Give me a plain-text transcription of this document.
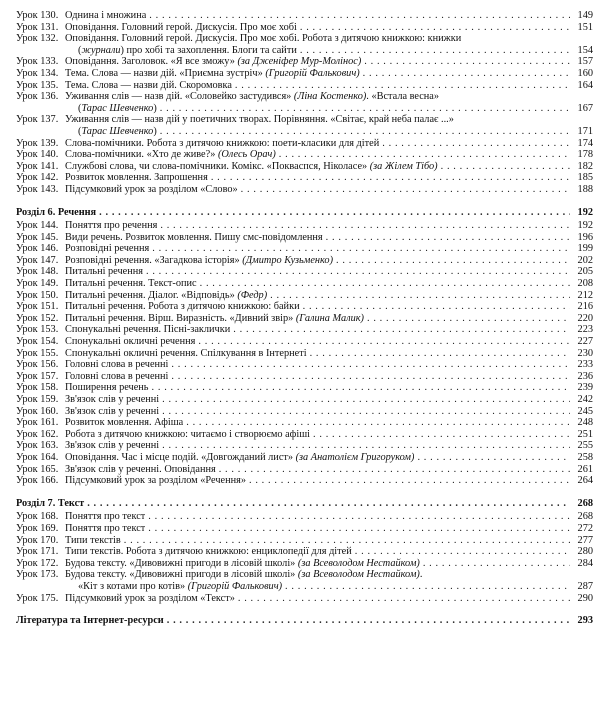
Урок 130. Однина і множина . . .	149
Урок 131. Оповідання. Головний герой. Дискусія. Про моє хобі . . .	151
Урок 132. Оповідання. Головний герой. Дискусія. Про моє хобі. Робота з дитячою книжкою: книжки
(журнали) про хобі та захоплення. Блоги та сайти . . .	154
Урок 133. Оповідання. Заголовок. «Я все зможу» (за Дженіфер Мур-Молінос) . . .	157
Урок 134. Тема. Слова — назви дій. «Приємна зустріч» (Григорій Фалькович) . . .	160
Урок 135. Тема. Слова — назви дій. Скоромовка . . .	164
Урок 136. Уживання слів — назв дій. «Соловейко застудився» (Ліна Костенко). «Встала весна»
(Тарас Шевченко) . . .	167
Урок 137. Уживання слів — назв дій у поетичних творах. Порівняння. «Світає, край неба палає ...»
(Тарас Шевченко) . . .	171
Урок 139. Слова-помічники. Робота з дитячою книжкою: поети-класики для дітей . . .	174
Урок 140. Слова-помічники. «Хто де живе?» (Олесь Орач) . . .	178
Урок 141. Службові слова, чи слова-помічники. Комікс. «Покваспся, Ніколасе» (за Жілем Тібо) . . .	182
Урок 142. Розвиток мовлення. Запрошення . . .	185
Урок 143. Підсумковий урок за розділом «Слово» . . .	188
Розділ 6. Речення . . .	192
Урок 144. Поняття про речення . . .	192
Урок 145. Види речень. Розвиток мовлення. Пишу смс-повідомлення . . .	196
Урок 146. Розповідні речення . . .	199
Урок 147. Розповідні речення. «Загадкова історія» (Дмитро Кузьменко) . . .	202
Урок 148. Питальні речення . . .	205
Урок 149. Питальні речення. Текст-опис . . .	208
Урок 150. Питальні речення. Діалог. «Відповідь» (Федр) . . .	212
Урок 151. Питальні речення. Робота з дитячою книжкою: байки . . .	216
Урок 152. Питальні речення. Вірш. Виразність. «Дивний звір» (Галина Малик) . . .	220
Урок 153. Спонукальні речення. Пісні-заклички . . .	223
Урок 154. Спонукальні окличні речення . . .	227
Урок 155. Спонукальні окличні речення. Спілкування в Інтернеті . . .	230
Урок 156. Головні слова в реченні . . .	233
Урок 157. Головні слова в реченні . . .	236
Урок 158. Поширення речень . . .	239
Урок 159. Зв'язок слів у реченні . . .	242
Урок 160. Зв'язок слів у реченні . . .	245
Урок 161. Розвиток мовлення. Афіша . . .	248
Урок 162. Робота з дитячою книжкою: читаємо і створюємо афіші . . .	251
Урок 163. Зв'язок слів у реченні . . .	255
Урок 164. Оповідання. Час і місце подій. «Довгожданий лист» (за Анатолієм Григоруком) . . .	258
Урок 165. Зв'язок слів у реченні. Оповідання . . .	261
Урок 166. Підсумковий урок за розділом «Речення» . . .	264
Розділ 7. Текст . . .	268
Урок 168. Поняття про текст . . .	268
Урок 169. Поняття про текст . . .	272
Урок 170. Типи текстів . . .	277
Урок 171. Типи текстів. Робота з дитячою книжкою: енциклопедії для дітей . . .	280
Урок 172. Будова тексту. «Дивовижні пригоди в лісовій школі» (за Всеволодом Нестайком) . . .	284
Урок 173. Будова тексту. «Дивовижні пригоди в лісовій школі» (за Всеволодом Нестайком).
«Кіт з котами про котів» (Григорій Фалькович) . . .	287
Урок 175. Підсумковий урок за розділом «Текст» . . .	290
Література та Інтернет-ресурси . . .	293
